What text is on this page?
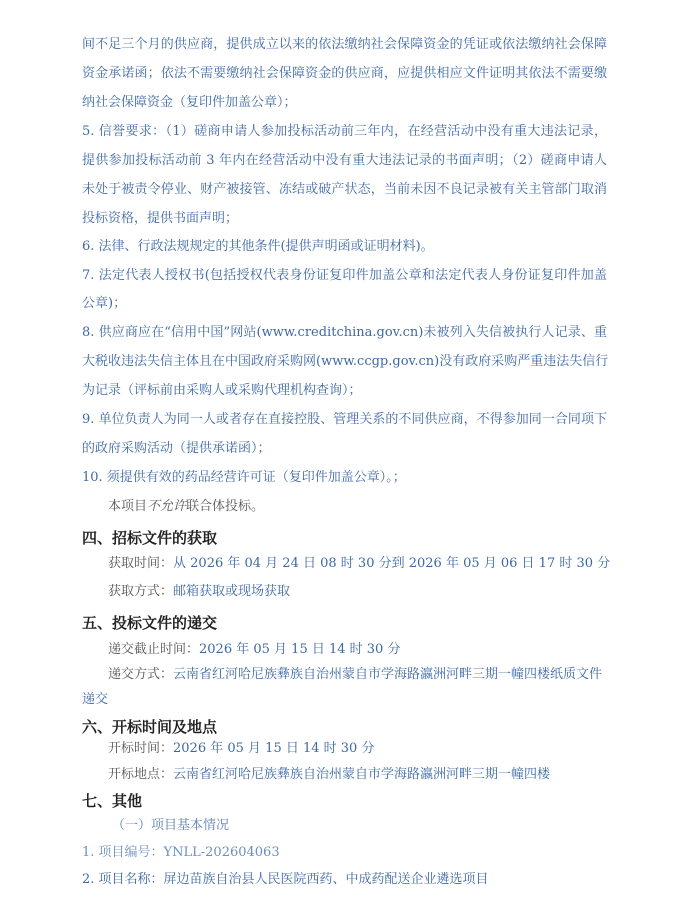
间不足三个月的供应商，提供成立以来的依法缴纳社会保障资金的凭证或依法缴纳社会保障
资金承诺函；依法不需要缴纳社会保障资金的供应商，应提供相应文件证明其依法不需要缴
纳社会保障资金（复印件加盖公章）；
5. 信誉要求：（1）磋商申请人参加投标活动前三年内，在经营活动中没有重大违法记录，
提供参加投标活动前 3 年内在经营活动中没有重大违法记录的书面声明；（2）磋商申请人
未处于被责令停业、财产被接管、冻结或破产状态，当前未因不良记录被有关主管部门取消
投标资格，提供书面声明；
6. 法律、行政法规规定的其他条件(提供声明函或证明材料)。
7. 法定代表人授权书(包括授权代表身份证复印件加盖公章和法定代表人身份证复印件加盖
公章)；
8. 供应商应在“信用中国”网站(www.creditchina.gov.cn)未被列入失信被执行人记录、重
大税收违法失信主体且在中国政府采购网(www.ccgp.gov.cn)没有政府采购严重违法失信行
为记录（评标前由采购人或采购代理机构查询）；
9. 单位负责人为同一人或者存在直接控股、管理关系的不同供应商，不得参加同一合同项下
的政府采购活动（提供承诺函）；
10. 须提供有效的药品经营许可证（复印件加盖公章）。；
本项目不允许联合体投标。
四、招标文件的获取
获取时间：从 2026 年 04 月 24 日 08 时 30 分到 2026 年 05 月 06 日 17 时 30 分
获取方式：邮箱获取或现场获取
五、投标文件的递交
递交截止时间：2026 年 05 月 15 日 14 时 30 分
递交方式：云南省红河哈尼族彝族自治州蒙自市学海路瀛洲河畔三期一幢四楼纸质文件
递交
六、开标时间及地点
开标时间：2026 年 05 月 15 日 14 时 30 分
开标地点：云南省红河哈尼族彝族自治州蒙自市学海路瀛洲河畔三期一幢四楼
七、其他
（一）项目基本情况
1. 项目编号：YNLL-202604063
2. 项目名称：屏边苗族自治县人民医院西药、中成药配送企业遴选项目
